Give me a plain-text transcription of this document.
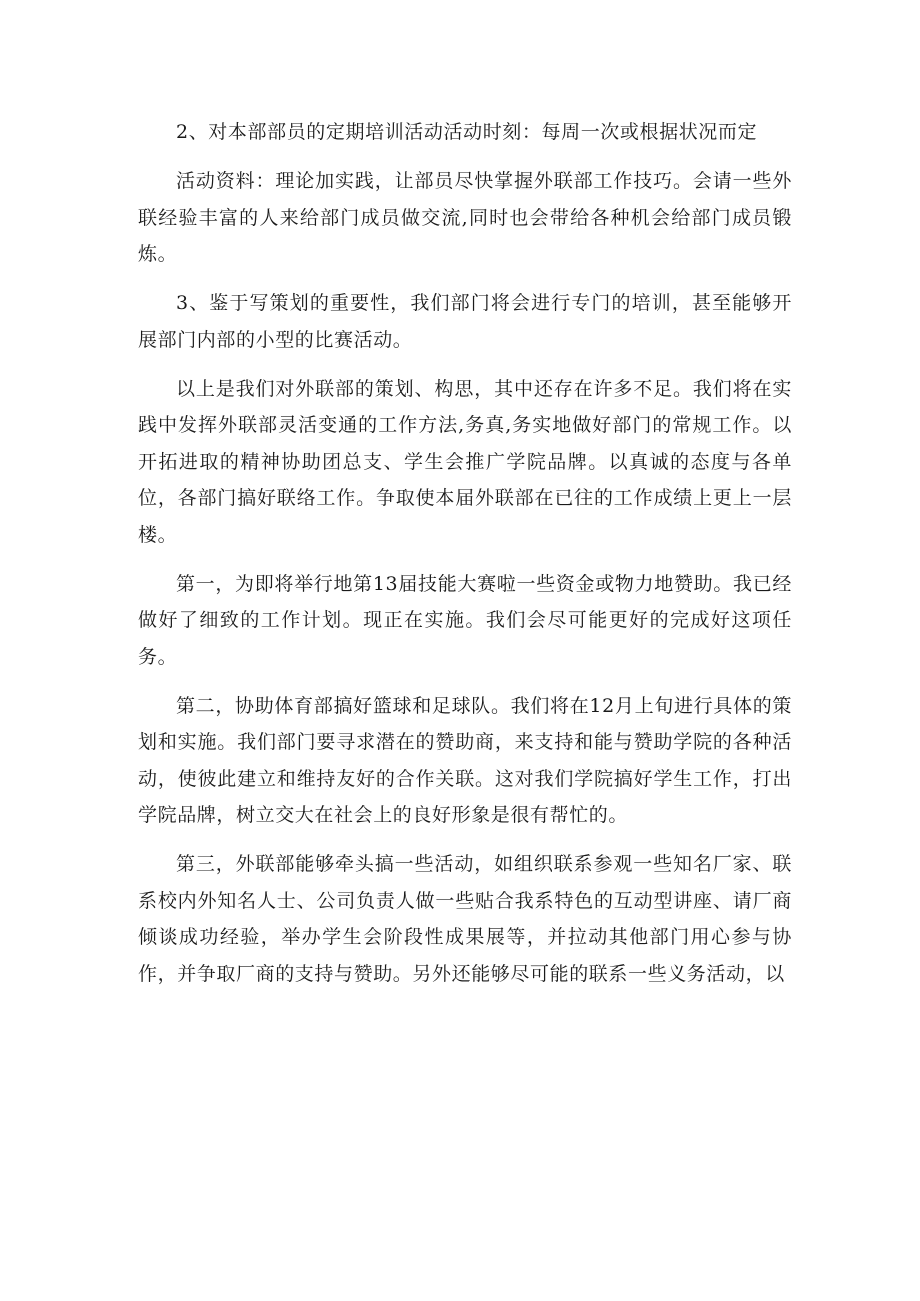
2、对本部部员的定期培训活动活动时刻：每周一次或根据状况而定

活动资料：理论加实践，让部员尽快掌握外联部工作技巧。会请一些外联经验丰富的人来给部门成员做交流,同时也会带给各种机会给部门成员锻炼。

3、鉴于写策划的重要性，我们部门将会进行专门的培训，甚至能够开展部门内部的小型的比赛活动。

以上是我们对外联部的策划、构思，其中还存在许多不足。我们将在实践中发挥外联部灵活变通的工作方法,务真,务实地做好部门的常规工作。以开拓进取的精神协助团总支、学生会推广学院品牌。以真诚的态度与各单位，各部门搞好联络工作。争取使本届外联部在已往的工作成绩上更上一层楼。

第一，为即将举行地第13届技能大赛啦一些资金或物力地赞助。我已经做好了细致的工作计划。现正在实施。我们会尽可能更好的完成好这项任务。

第二，协助体育部搞好篮球和足球队。我们将在12月上旬进行具体的策划和实施。我们部门要寻求潜在的赞助商，来支持和能与赞助学院的各种活动，使彼此建立和维持友好的合作关联。这对我们学院搞好学生工作，打出学院品牌，树立交大在社会上的良好形象是很有帮忙的。

第三，外联部能够牵头搞一些活动，如组织联系参观一些知名厂家、联系校内外知名人士、公司负责人做一些贴合我系特色的互动型讲座、请厂商倾谈成功经验，举办学生会阶段性成果展等，并拉动其他部门用心参与协作，并争取厂商的支持与赞助。另外还能够尽可能的联系一些义务活动，以
